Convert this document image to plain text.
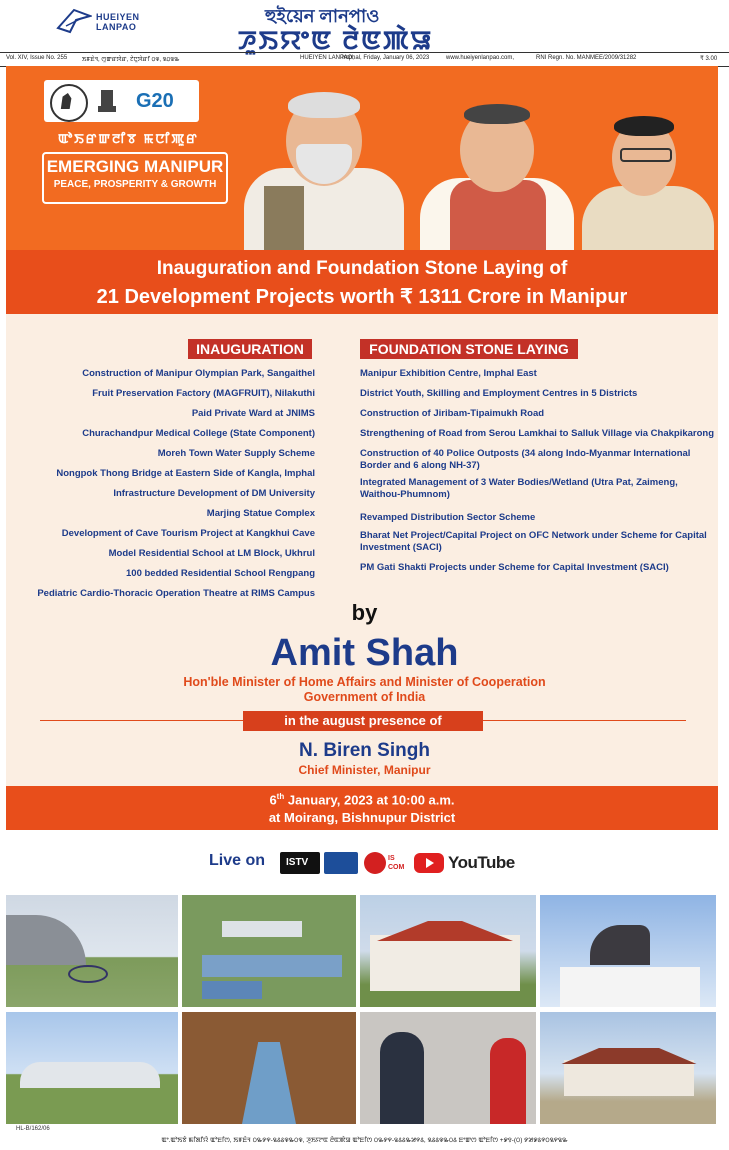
HUEIYEN
LANPAO
হুইয়েন লানপাও
ꯍꯨꯏꯌꯦꯟ ꯂꯥꯟꯄꯥꯎ
Vol. XIV, Issue No. 255 ꯏꯝꯐꯥꯜ, ꯁꯨꯛꯔꯋꯥꯔ, ꯖꯥꯅꯨꯋꯥꯔꯤ ꯰꯶, ꯲꯰꯲꯳	HUEIYEN LANPAO,
Imphal, Friday, January 06, 2023	www.hueiyenlanpao.com,	RNI Regn. No. MANMEE/2009/31282	₹ 3.00
G20
ꯑꯣꯏꯔꯛꯂꯤꯕ ꯃꯅꯤꯄꯨꯔ
EMERGING MANIPUR
PEACE, PROSPERITY & GROWTH
Inauguration and Foundation Stone Laying of
21 Development Projects worth ₹ 1311 Crore in Manipur
INAUGURATION	FOUNDATION STONE LAYING
Construction of Manipur Olympian Park, Sangaithel
Fruit Preservation Factory (MAGFRUIT), Nilakuthi
Paid Private Ward at JNIMS
Churachandpur Medical College (State Component)
Moreh Town Water Supply Scheme
Nongpok Thong Bridge at Eastern Side of Kangla, Imphal
Infrastructure Development of DM University
Marjing Statue Complex
Development of Cave Tourism Project at Kangkhui Cave
Model Residential School at LM Block, Ukhrul
100 bedded Residential School Rengpang
Pediatric Cardio-Thoracic Operation Theatre at RIMS Campus
Manipur Exhibition Centre, Imphal East
District Youth, Skilling and Employment Centres in 5 Districts
Construction of Jiribam-Tipaimukh Road
Strengthening of Road from Serou Lamkhai to Salluk Village via Chakpikarong
Construction of 40 Police Outposts (34 along Indo-Myanmar International Border and 6 along NH-37)
Integrated Management of 3 Water Bodies/Wetland (Utra Pat, Zaimeng, Waithou-Phumnom)
Revamped Distribution Sector Scheme
Bharat Net Project/Capital Project on OFC Network under Scheme for Capital Investment (SACI)
PM Gati Shakti Projects under Scheme for Capital Investment (SACI)
by
Amit Shah
Hon'ble Minister of Home Affairs and Minister of Cooperation
Government of India
in the august presence of
N. Biren Singh
Chief Minister, Manipur
6th January, 2023 at 10:00 a.m.
at Moirang, Bishnupur District
Live on ISTV	IS COM	YouTube
HL-B/162/06
ꯑꯦ.ꯑꯣꯏꯕꯥ ꯃꯤꯗꯤꯌꯥ ꯑꯣꯐꯤꯁ, ꯏꯝꯐꯥꯜ ꯰꯳꯸꯵-꯲꯴꯴꯶꯳꯰꯶, ꯍꯨꯏꯌꯦꯟ ꯂꯥꯟꯄꯥꯎ ꯑꯣꯐꯤꯁ ꯰꯳꯸꯵-꯲꯴꯴꯳꯷꯵꯴, ꯲꯴꯴꯶꯳꯰꯴ ꯐꯦꯛꯁ ꯑꯣꯐꯤꯁ +꯹꯱-(꯰) ꯸꯷꯹꯴꯵꯰꯲꯵꯲꯳
